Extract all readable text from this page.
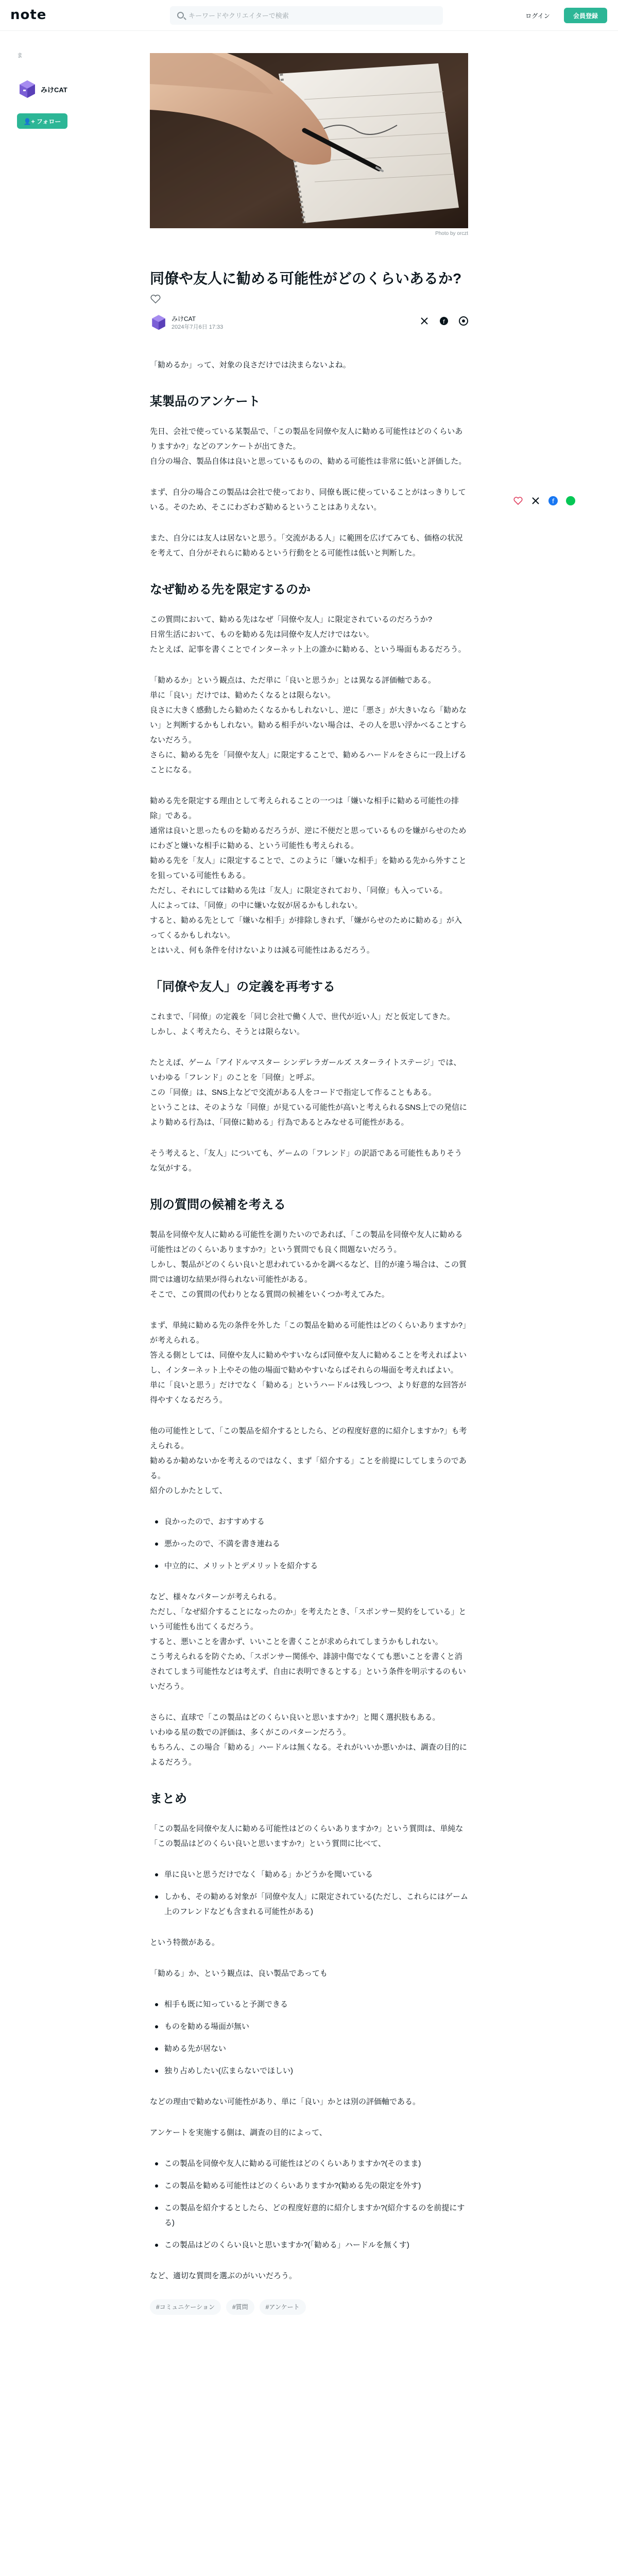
note
キーワードやクリエイターで検索	ログイン	会員登録
ま
みけCAT
👤+ フォロー
Photo by orczt
f
同僚や友人に勧める可能性がどのくらいあるか?
みけCAT
2024年7月6日 17:33
f

「勧めるか」って、対象の良さだけでは決まらないよね。

某製品のアンケート

先日、会社で使っている某製品で、「この製品を同僚や友人に勧める可能性はどのくらいありますか?」などのアンケートが出てきた。
自分の場合、製品自体は良いと思っているものの、勧める可能性は非常に低いと評価した。

まず、自分の場合この製品は会社で使っており、同僚も既に使っていることがはっきりしている。そのため、そこにわざわざ勧めるということはありえない。

また、自分には友人は居ないと思う。「交流がある人」に範囲を広げてみても、価格の状況を考えて、自分がそれらに勧めるという行動をとる可能性は低いと判断した。

なぜ勧める先を限定するのか

この質問において、勧める先はなぜ「同僚や友人」に限定されているのだろうか?
日常生活において、ものを勧める先は同僚や友人だけではない。
たとえば、記事を書くことでインターネット上の誰かに勧める、という場面もあるだろう。

「勧めるか」という観点は、ただ単に「良いと思うか」とは異なる評価軸である。
単に「良い」だけでは、勧めたくなるとは限らない。
良さに大きく感動したら勧めたくなるかもしれないし、逆に「悪さ」が大きいなら「勧めない」と判断するかもしれない。勧める相手がいない場合は、その人を思い浮かべることすらないだろう。
さらに、勧める先を「同僚や友人」に限定することで、勧めるハードルをさらに一段上げることになる。

勧める先を限定する理由として考えられることの一つは「嫌いな相手に勧める可能性の排除」である。
通常は良いと思ったものを勧めるだろうが、逆に不便だと思っているものを嫌がらせのためにわざと嫌いな相手に勧める、という可能性も考えられる。
勧める先を「友人」に限定することで、このように「嫌いな相手」を勧める先から外すことを狙っている可能性もある。
ただし、それにしては勧める先は「友人」に限定されており、「同僚」も入っている。
人によっては、「同僚」の中に嫌いな奴が居るかもしれない。
すると、勧める先として「嫌いな相手」が排除しきれず、「嫌がらせのために勧める」が入ってくるかもしれない。
とはいえ、何も条件を付けないよりは減る可能性はあるだろう。

「同僚や友人」の定義を再考する

これまで、「同僚」の定義を「同じ会社で働く人で、世代が近い人」だと仮定してきた。
しかし、よく考えたら、そうとは限らない。

たとえば、ゲーム「アイドルマスター シンデレラガールズ スターライトステージ」では、いわゆる「フレンド」のことを「同僚」と呼ぶ。
この「同僚」は、SNS上などで交流がある人をコードで指定して作ることもある。
ということは、そのような「同僚」が見ている可能性が高いと考えられるSNS上での発信により勧める行為は、「同僚に勧める」行為であるとみなせる可能性がある。

そう考えると、「友人」についても、ゲームの「フレンド」の訳語である可能性もありそうな気がする。

別の質問の候補を考える

製品を同僚や友人に勧める可能性を測りたいのであれば、「この製品を同僚や友人に勧める可能性はどのくらいありますか?」という質問でも良く問題ないだろう。
しかし、製品がどのくらい良いと思われているかを調べるなど、目的が違う場合は、この質問では適切な結果が得られない可能性がある。
そこで、この質問の代わりとなる質問の候補をいくつか考えてみた。

まず、単純に勧める先の条件を外した「この製品を勧める可能性はどのくらいありますか?」が考えられる。
答える側としては、同僚や友人に勧めやすいならば同僚や友人に勧めることを考えればよいし、インターネット上やその他の場面で勧めやすいならばそれらの場面を考えればよい。
単に「良いと思う」だけでなく「勧める」というハードルは残しつつ、より好意的な回答が得やすくなるだろう。

他の可能性として、「この製品を紹介するとしたら、どの程度好意的に紹介しますか?」も考えられる。
勧めるか勧めないかを考えるのではなく、まず「紹介する」ことを前提にしてしまうのである。
紹介のしかたとして、

良かったので、おすすめする
悪かったので、不満を書き連ねる
中立的に、メリットとデメリットを紹介する

など、様々なパターンが考えられる。
ただし、「なぜ紹介することになったのか」を考えたとき、「スポンサー契約をしている」という可能性も出てくるだろう。
すると、悪いことを書かず、いいことを書くことが求められてしまうかもしれない。
こう考えられるを防ぐため、「スポンサー関係や、誹謗中傷でなくても悪いことを書くと消されてしまう可能性などは考えず、自由に表明できるとする」という条件を明示するのもいいだろう。

さらに、直球で「この製品はどのくらい良いと思いますか?」と聞く選択肢もある。
いわゆる星の数での評価は、多くがこのパターンだろう。
もちろん、この場合「勧める」ハードルは無くなる。それがいいか悪いかは、調査の目的によるだろう。

まとめ

「この製品を同僚や友人に勧める可能性はどのくらいありますか?」という質問は、単純な「この製品はどのくらい良いと思いますか?」という質問に比べて、

単に良いと思うだけでなく「勧める」かどうかを聞いている
しかも、その勧める対象が「同僚や友人」に限定されている(ただし、これらにはゲーム上のフレンドなども含まれる可能性がある)

という特徴がある。

「勧める」か、という観点は、良い製品であっても

相手も既に知っていると予測できる
ものを勧める場面が無い
勧める先が居ない
独り占めしたい(広まらないでほしい)

などの理由で勧めない可能性があり、単に「良い」かとは別の評価軸である。

アンケートを実施する側は、調査の目的によって、

この製品を同僚や友人に勧める可能性はどのくらいありますか?(そのまま)
この製品を勧める可能性はどのくらいありますか?(勧める先の限定を外す)
この製品を紹介するとしたら、どの程度好意的に紹介しますか?(紹介するのを前提にする)
この製品はどのくらい良いと思いますか?(「勧める」ハードルを無くす)

など、適切な質問を選ぶのがいいだろう。

#コミュニケーション	#質問	#アンケート
